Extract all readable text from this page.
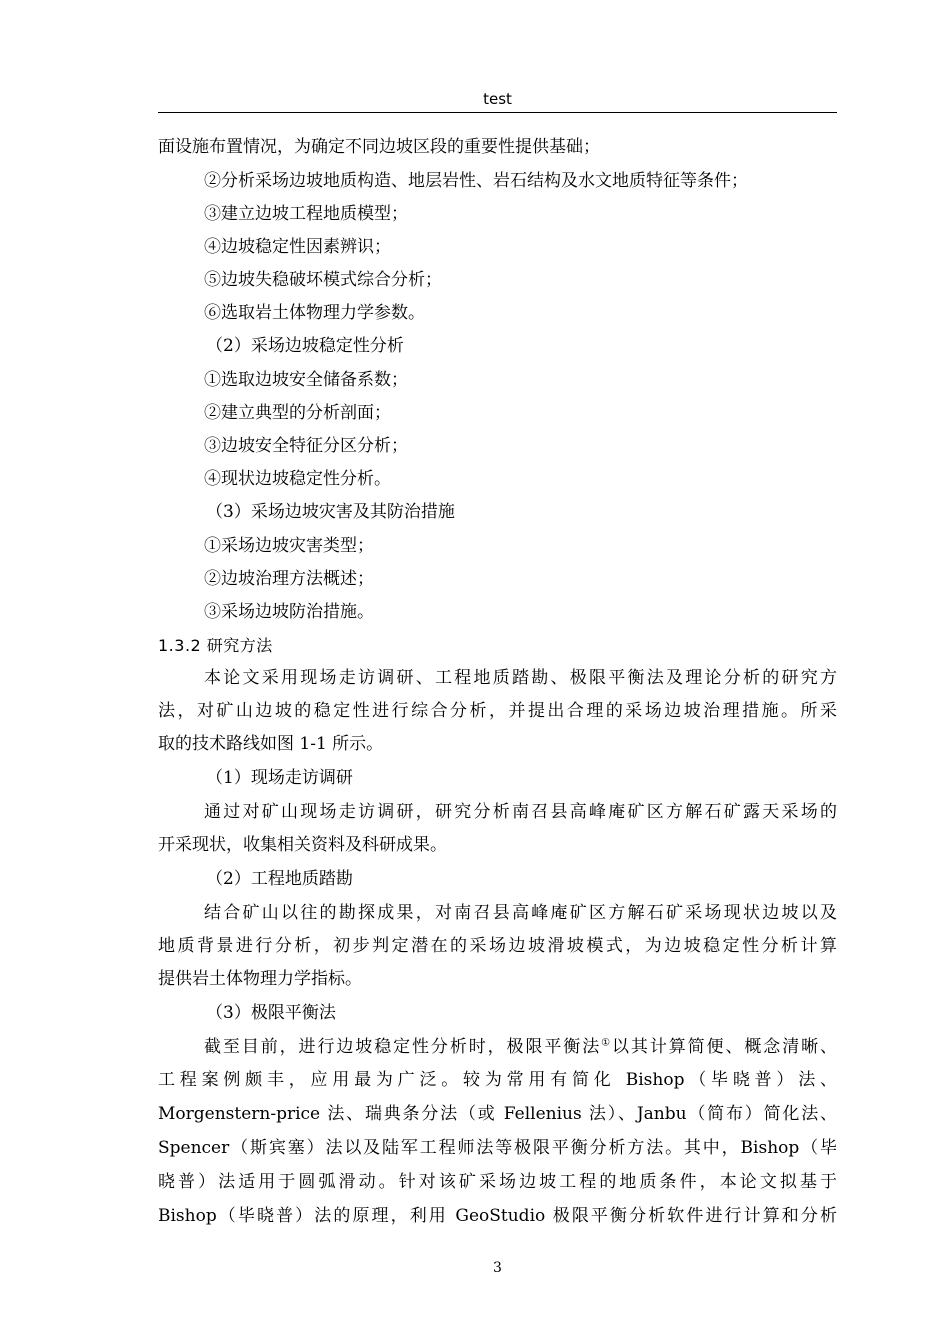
test
面设施布置情况，为确定不同边坡区段的重要性提供基础；
②分析采场边坡地质构造、地层岩性、岩石结构及水文地质特征等条件；
③建立边坡工程地质模型；
④边坡稳定性因素辨识；
⑤边坡失稳破坏模式综合分析；
⑥选取岩土体物理力学参数。
（2）采场边坡稳定性分析
①选取边坡安全储备系数；
②建立典型的分析剖面；
③边坡安全特征分区分析；
④现状边坡稳定性分析。
（3）采场边坡灾害及其防治措施
①采场边坡灾害类型；
②边坡治理方法概述；
③采场边坡防治措施。
1.3.2 研究方法
本论文采用现场走访调研、工程地质踏勘、极限平衡法及理论分析的研究方
法，对矿山边坡的稳定性进行综合分析，并提出合理的采场边坡治理措施。所采
取的技术路线如图 1-1 所示。
（1）现场走访调研
通过对矿山现场走访调研，研究分析南召县高峰庵矿区方解石矿露天采场的
开采现状，收集相关资料及科研成果。
（2）工程地质踏勘
结合矿山以往的勘探成果，对南召县高峰庵矿区方解石矿采场现状边坡以及
地质背景进行分析，初步判定潜在的采场边坡滑坡模式，为边坡稳定性分析计算
提供岩土体物理力学指标。
（3）极限平衡法
截至目前，进行边坡稳定性分析时，极限平衡法①以其计算简便、概念清晰、
工程案例颇丰，应用最为广泛。较为常用有简化 Bishop（毕晓普）法、
Morgenstern-price 法、瑞典条分法（或 Fellenius 法）、Janbu（简布）简化法、
Spencer（斯宾塞）法以及陆军工程师法等极限平衡分析方法。其中，Bishop（毕
晓普）法适用于圆弧滑动。针对该矿采场边坡工程的地质条件，本论文拟基于
Bishop（毕晓普）法的原理，利用 GeoStudio 极限平衡分析软件进行计算和分析
3
